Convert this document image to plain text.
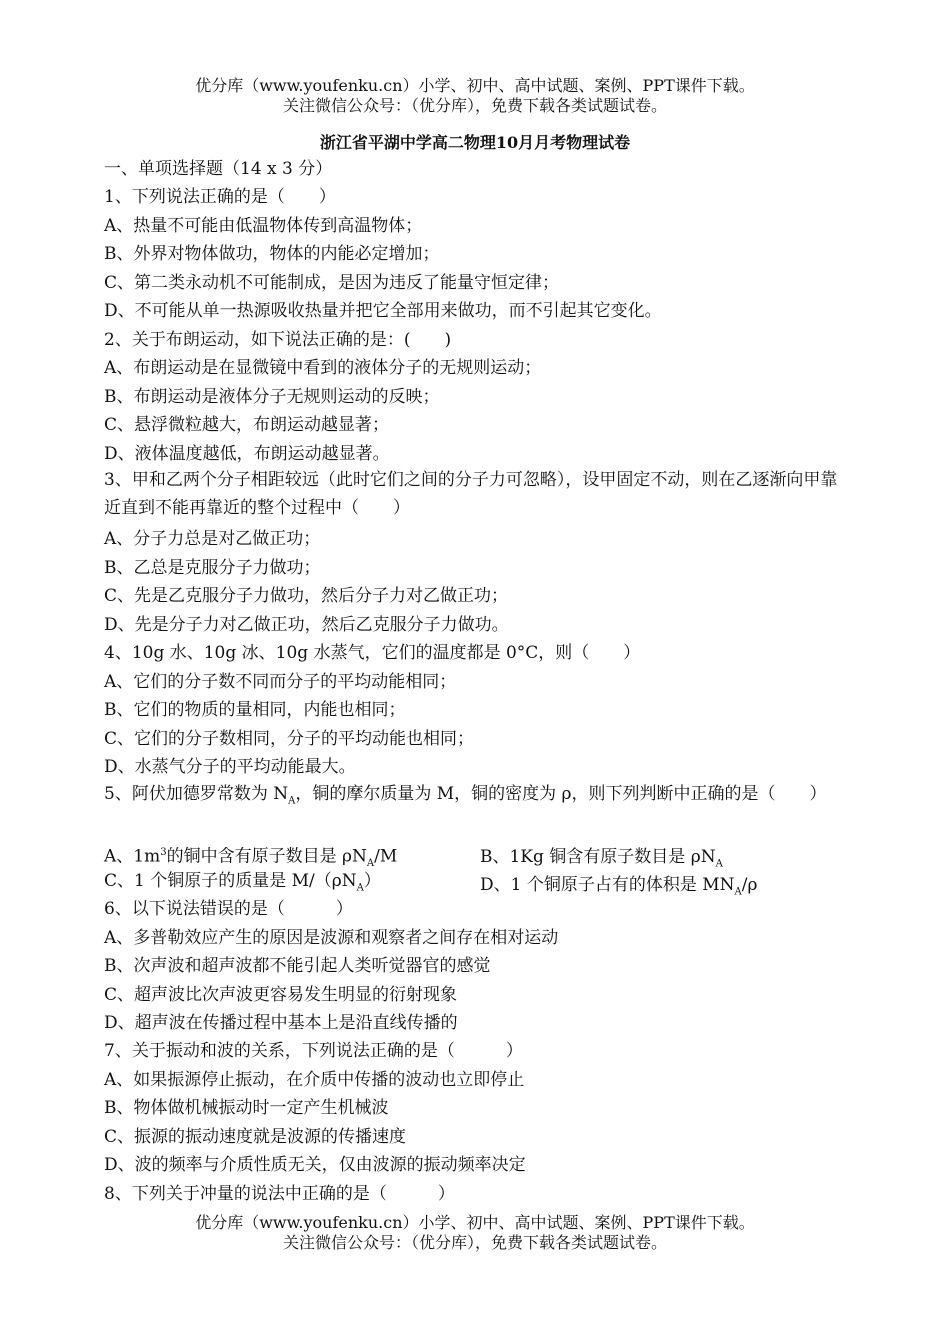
优分库（www.youfenku.cn）小学、初中、高中试题、案例、PPT课件下载。
关注微信公众号：（优分库），免费下载各类试题试卷。
浙江省平湖中学高二物理10月月考物理试卷
一、单项选择题（14 x 3 分）
1、下列说法正确的是（　　）
A、热量不可能由低温物体传到高温物体；
B、外界对物体做功，物体的内能必定增加；
C、第二类永动机不可能制成，是因为违反了能量守恒定律；
D、不可能从单一热源吸收热量并把它全部用来做功，而不引起其它变化。
2、关于布朗运动，如下说法正确的是：(　　)
A、布朗运动是在显微镜中看到的液体分子的无规则运动；
B、布朗运动是液体分子无规则运动的反映；
C、悬浮微粒越大，布朗运动越显著；
D、液体温度越低，布朗运动越显著。
3、甲和乙两个分子相距较远（此时它们之间的分子力可忽略），设甲固定不动，则在乙逐渐向甲靠近直到不能再靠近的整个过程中（　　）
A、分子力总是对乙做正功；
B、乙总是克服分子力做功；
C、先是乙克服分子力做功，然后分子力对乙做正功；
D、先是分子力对乙做正功，然后乙克服分子力做功。
4、10g 水、10g 冰、10g 水蒸气，它们的温度都是 0°C，则（　　）
A、它们的分子数不同而分子的平均动能相同；
B、它们的物质的量相同，内能也相同；
C、它们的分子数相同，分子的平均动能也相同；
D、水蒸气分子的平均动能最大。
5、阿伏加德罗常数为 $N_A$，铜的摩尔质量为 M，铜的密度为 ρ，则下列判断中正确的是（　　）
A、$1m^3$的铜中含有原子数目是 $\rho N_A/M$	B、1Kg 铜含有原子数目是 $\rho N_A$
C、1 个铜原子的质量是 $M/(\rho N_A)$	D、1 个铜原子占有的体积是 $MN_A/\rho$
6、以下说法错误的是（　　　）
A、多普勒效应产生的原因是波源和观察者之间存在相对运动
B、次声波和超声波都不能引起人类听觉器官的感觉
C、超声波比次声波更容易发生明显的衍射现象
D、超声波在传播过程中基本上是沿直线传播的
7、关于振动和波的关系，下列说法正确的是（　　　）
A、如果振源停止振动，在介质中传播的波动也立即停止
B、物体做机械振动时一定产生机械波
C、振源的振动速度就是波源的传播速度
D、波的频率与介质性质无关，仅由波源的振动频率决定
8、下列关于冲量的说法中正确的是（　　　）
优分库（www.youfenku.cn）小学、初中、高中试题、案例、PPT课件下载。
关注微信公众号：（优分库），免费下载各类试题试卷。
